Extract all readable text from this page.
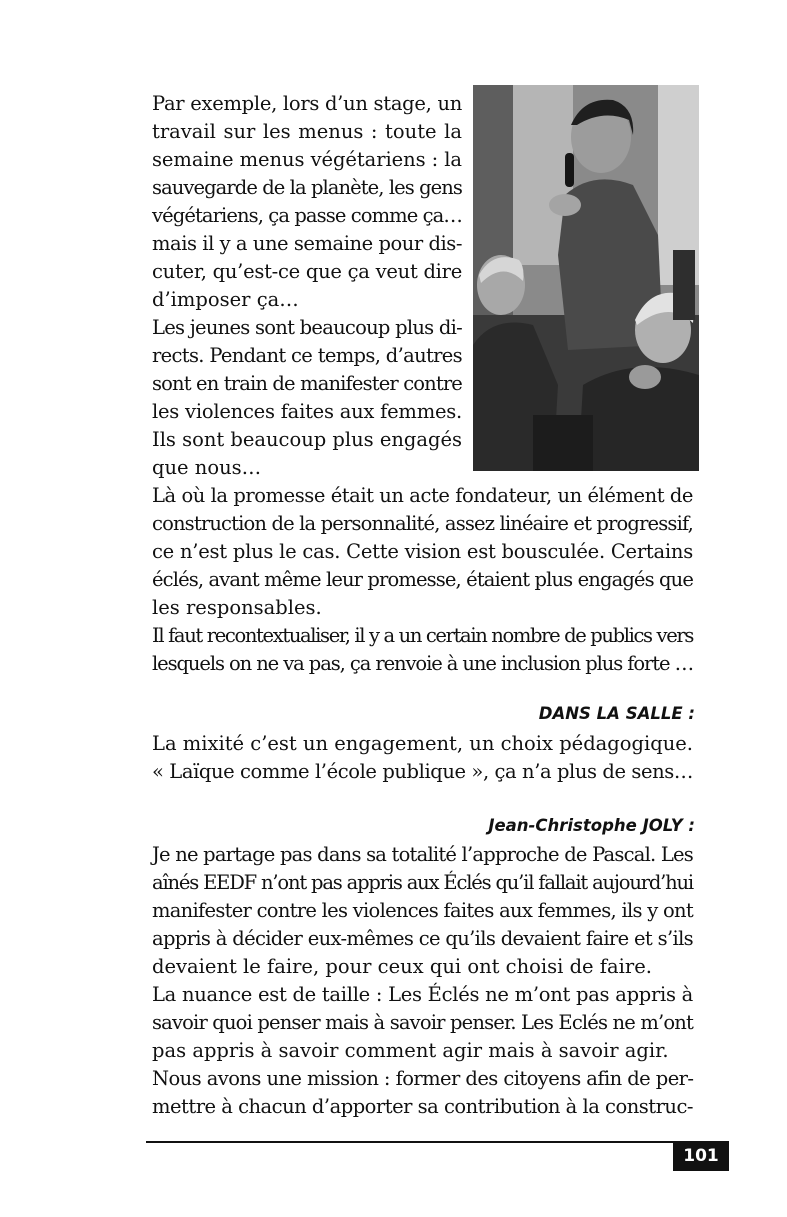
Par exemple, lors d’un stage, un
travail sur les menus : toute la
semaine menus végétariens : la
sauvegarde de la planète, les gens
végétariens, ça passe comme ça…
mais il y a une semaine pour dis-
cuter, qu’est-ce que ça veut dire
d’imposer ça…
Les jeunes sont beaucoup plus di-
rects. Pendant ce temps, d’autres
sont en train de manifester contre
les violences faites aux femmes.
Ils sont beaucoup plus engagés
que nous…
Là où la promesse était un acte fondateur, un élément de
construction de la personnalité, assez linéaire et progressif,
ce n’est plus le cas. Cette vision est bousculée. Certains
éclés, avant même leur promesse, étaient plus engagés que
les responsables.
Il faut recontextualiser, il y a un certain nombre de publics vers
lesquels on ne va pas, ça renvoie à une inclusion plus forte …

DANS LA SALLE :

La mixité c’est un engagement, un choix pédagogique.
« Laïque comme l’école publique », ça n’a plus de sens…

Jean-Christophe JOLY :

Je ne partage pas dans sa totalité l’approche de Pascal. Les
aînés EEDF n’ont pas appris aux Éclés qu’il fallait aujourd’hui
manifester contre les violences faites aux femmes, ils y ont
appris à décider eux-mêmes ce qu’ils devaient faire et s’ils
devaient le faire, pour ceux qui ont choisi de faire.
La nuance est de taille : Les Éclés ne m’ont pas appris à
savoir quoi penser mais à savoir penser. Les Eclés ne m’ont
pas appris à savoir comment agir mais à savoir agir.
Nous avons une mission : former des citoyens afin de per-
mettre à chacun d’apporter sa contribution à la construc-
101
